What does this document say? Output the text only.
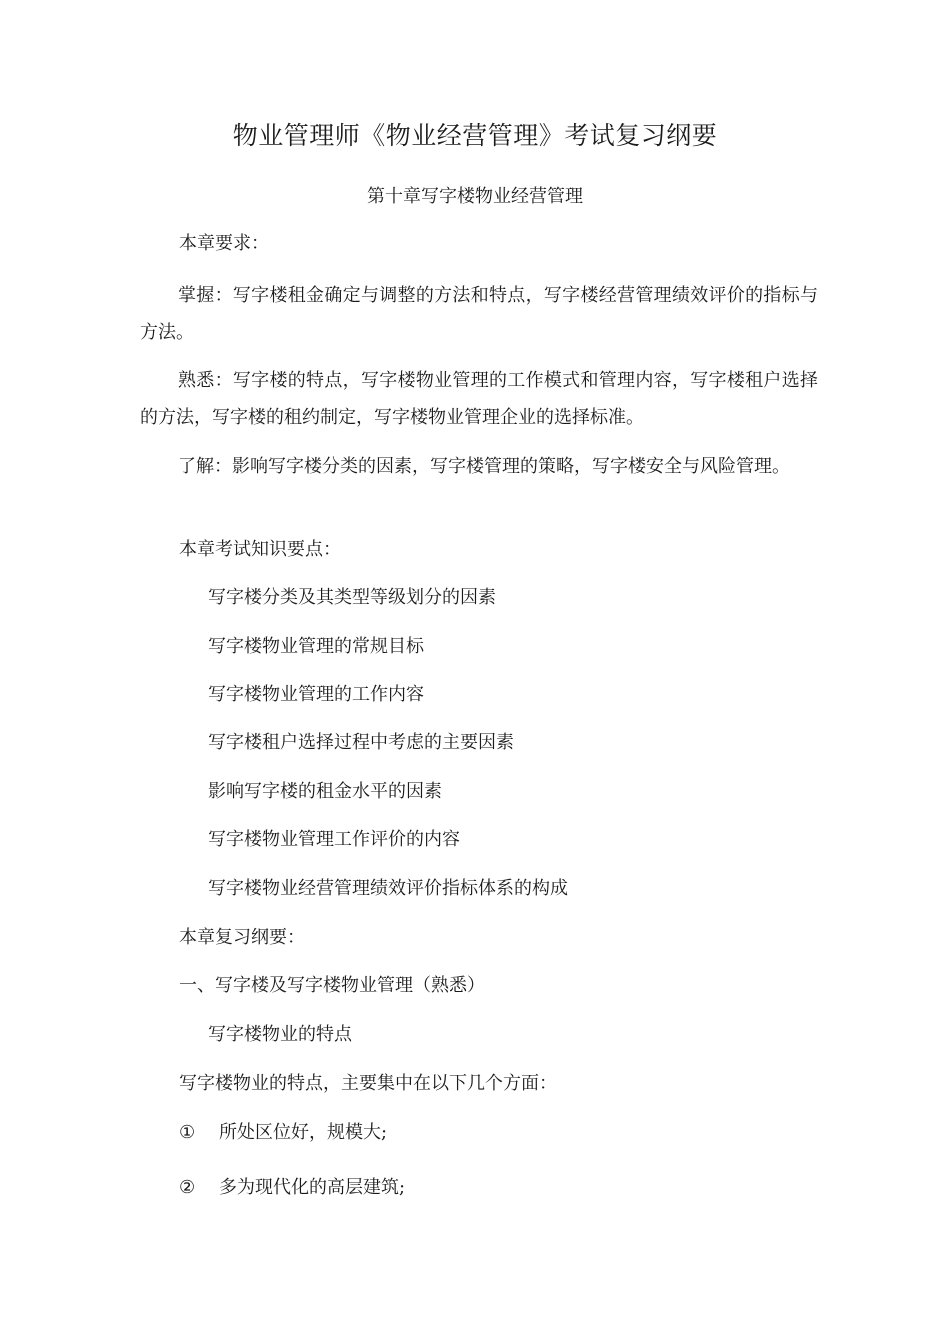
物业管理师《物业经营管理》考试复习纲要
第十章写字楼物业经营管理
本章要求：

掌握：写字楼租金确定与调整的方法和特点，写字楼经营管理绩效评价的指标与方法。

熟悉：写字楼的特点，写字楼物业管理的工作模式和管理内容，写字楼租户选择的方法，写字楼的租约制定，写字楼物业管理企业的选择标准。

了解：影响写字楼分类的因素，写字楼管理的策略，写字楼安全与风险管理。

本章考试知识要点：
写字楼分类及其类型等级划分的因素
写字楼物业管理的常规目标
写字楼物业管理的工作内容
写字楼租户选择过程中考虑的主要因素
影响写字楼的租金水平的因素
写字楼物业管理工作评价的内容
写字楼物业经营管理绩效评价指标体系的构成
本章复习纲要：
一、写字楼及写字楼物业管理（熟悉）
写字楼物业的特点
写字楼物业的特点，主要集中在以下几个方面：
① 所处区位好，规模大;
② 多为现代化的高层建筑;
